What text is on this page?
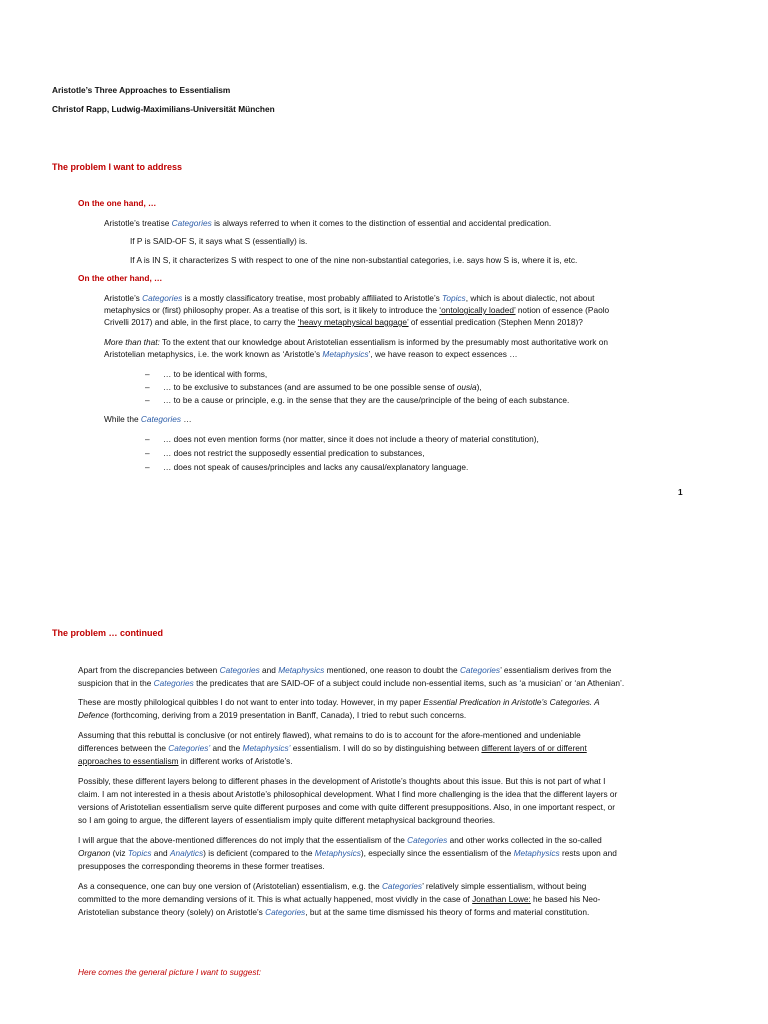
Aristotle’s Three Approaches to Essentialism
Christof Rapp, Ludwig-Maximilians-Universität München
The problem I want to address
On the one hand, …
Aristotle’s treatise Categories is always referred to when it comes to the distinction of essential and accidental predication.
If P is SAID-OF S, it says what S (essentially) is.
If A is IN S, it characterizes S with respect to one of the nine non-substantial categories, i.e. says how S is, where it is, etc.
On the other hand, …
Aristotle’s Categories is a mostly classificatory treatise, most probably affiliated to Aristotle’s Topics, which is about dialectic, not about
metaphysics or (first) philosophy proper. As a treatise of this sort, is it likely to introduce the ‘ontologically loaded’ notion of essence (Paolo
Crivelli 2017) and able, in the first place, to carry the ‘heavy metaphysical baggage’ of essential predication (Stephen Menn 2018)?
More than that: To the extent that our knowledge about Aristotelian essentialism is informed by the presumably most authoritative work on
Aristotelian metaphysics, i.e. the work known as ‘Aristotle’s Metaphysics’, we have reason to expect essences …
– … to be identical with forms,
– … to be exclusive to substances (and are assumed to be one possible sense of ousia),
– … to be a cause or principle, e.g. in the sense that they are the cause/principle of the being of each substance.
While the Categories …
– … does not even mention forms (nor matter, since it does not include a theory of material constitution),
– … does not restrict the supposedly essential predication to substances,
– … does not speak of causes/principles and lacks any causal/explanatory language.
1
The problem … continued
Apart from the discrepancies between Categories and Metaphysics mentioned, one reason to doubt the Categories’ essentialism derives from the
suspicion that in the Categories the predicates that are SAID-OF of a subject could include non-essential items, such as ‘a musician’ or ‘an Athenian’.
These are mostly philological quibbles I do not want to enter into today. However, in my paper Essential Predication in Aristotle’s Categories. A
Defence (forthcoming, deriving from a 2019 presentation in Banff, Canada), I tried to rebut such concerns.
Assuming that this rebuttal is conclusive (or not entirely flawed), what remains to do is to account for the afore-mentioned and undeniable
differences between the Categories’ and the Metaphysics’ essentialism. I will do so by distinguishing between different layers of or different
approaches to essentialism in different works of Aristotle’s.
Possibly, these different layers belong to different phases in the development of Aristotle’s thoughts about this issue. But this is not part of what I
claim. I am not interested in a thesis about Aristotle’s philosophical development. What I find more challenging is the idea that the different layers or
versions of Aristotelian essentialism serve quite different purposes and come with quite different presuppositions. Also, in one important respect, or
so I am going to argue, the different layers of essentialism imply quite different metaphysical background theories.
I will argue that the above-mentioned differences do not imply that the essentialism of the Categories and other works collected in the so-called
Organon (viz Topics and Analytics) is deficient (compared to the Metaphysics), especially since the essentialism of the Metaphysics rests upon and
presupposes the corresponding theorems in these former treatises.
As a consequence, one can buy one version of (Aristotelian) essentialism, e.g. the Categories’ relatively simple essentialism, without being
committed to the more demanding versions of it. This is what actually happened, most vividly in the case of Jonathan Lowe: he based his Neo-
Aristotelian substance theory (solely) on Aristotle’s Categories, but at the same time dismissed his theory of forms and material constitution.
Here comes the general picture I want to suggest:
